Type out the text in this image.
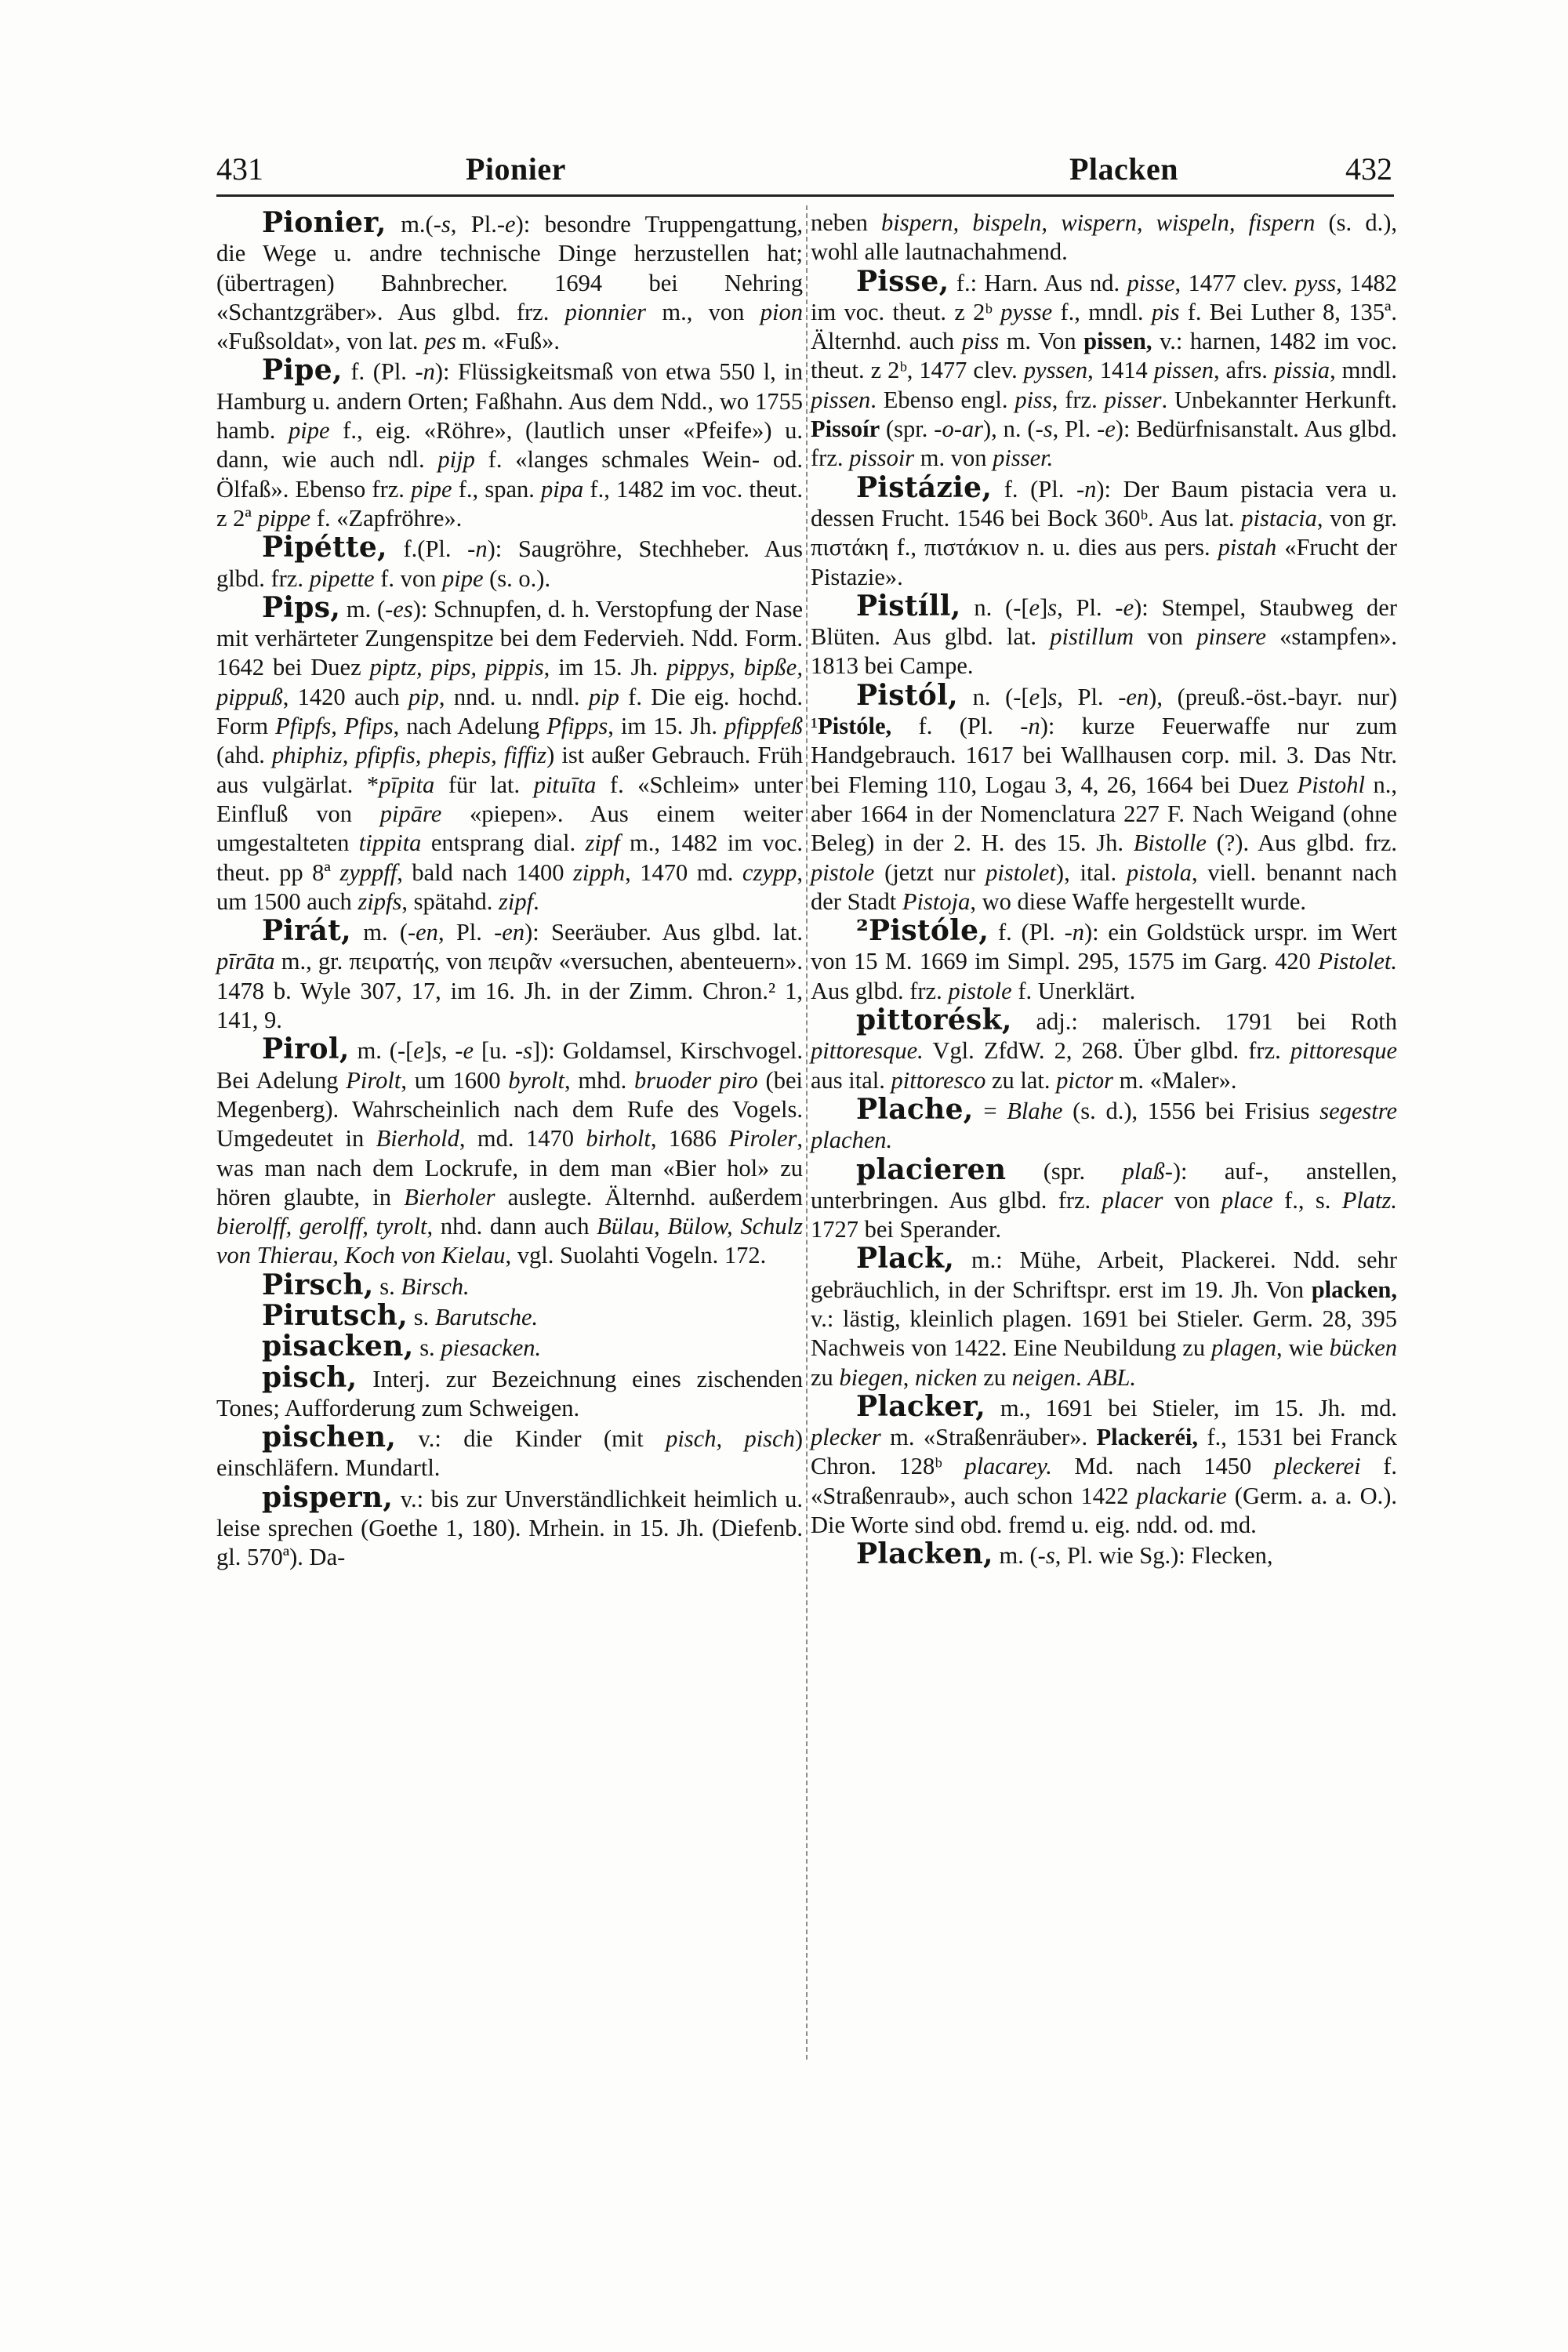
431	Pionier	Placken	432

Pionier, m.(-s, Pl.-e): besondre Truppengattung, die Wege u. andre technische Dinge herzustellen hat; (übertragen) Bahnbrecher. 1694 bei Nehring «Schantzgräber». Aus glbd. frz. pionnier m., von pion «Fußsoldat», von lat. pes m. «Fuß».

Pipe, f. (Pl. -n): Flüssigkeitsmaß von etwa 550 l, in Hamburg u. andern Orten; Faßhahn. Aus dem Ndd., wo 1755 hamb. pipe f., eig. «Röhre», (lautlich unser «Pfeife») u. dann, wie auch ndl. pijp f. «langes schmales Wein- od. Ölfaß». Ebenso frz. pipe f., span. pipa f., 1482 im voc. theut. z 2ª pippe f. «Zapfröhre».

Pipétte, f.(Pl. -n): Saugröhre, Stechheber. Aus glbd. frz. pipette f. von pipe (s. o.).

Pips, m. (-es): Schnupfen, d. h. Verstopfung der Nase mit verhärteter Zungenspitze bei dem Federvieh. Ndd. Form. 1642 bei Duez piptz, pips, pippis, im 15. Jh. pippys, bipße, pippuß, 1420 auch pip, nnd. u. nndl. pip f. Die eig. hochd. Form Pfipfs, Pfips, nach Adelung Pfipps, im 15. Jh. pfippfeß (ahd. phiphiz, pfipfis, phepis, fiffiz) ist außer Gebrauch. Früh aus vulgärlat. *pīpita für lat. pituīta f. «Schleim» unter Einfluß von pipāre «piepen». Aus einem weiter umgestalteten tippita entsprang dial. zipf m., 1482 im voc. theut. pp 8ª zyppff, bald nach 1400 zipph, 1470 md. czypp, um 1500 auch zipfs, spätahd. zipf.

Pirát, m. (-en, Pl. -en): Seeräuber. Aus glbd. lat. pīrāta m., gr. πειρατής, von πειρᾶν «versuchen, abenteuern». 1478 b. Wyle 307, 17, im 16. Jh. in der Zimm. Chron.² 1, 141, 9.

Pirol, m. (-[e]s, -e [u. -s]): Goldamsel, Kirschvogel. Bei Adelung Pirolt, um 1600 byrolt, mhd. bruoder piro (bei Megenberg). Wahrscheinlich nach dem Rufe des Vogels. Umgedeutet in Bierhold, md. 1470 birholt, 1686 Piroler, was man nach dem Lockrufe, in dem man «Bier hol» zu hören glaubte, in Bierholer auslegte. Älternhd. außerdem bierolff, gerolff, tyrolt, nhd. dann auch Bülau, Bülow, Schulz von Thierau, Koch von Kielau, vgl. Suolahti Vogeln. 172.

Pirsch, s. Birsch.

Pirutsch, s. Barutsche.

pisacken, s. piesacken.

pisch, Interj. zur Bezeichnung eines zischenden Tones; Aufforderung zum Schweigen.

pischen, v.: die Kinder (mit pisch, pisch) einschläfern. Mundartl.

pispern, v.: bis zur Unverständlichkeit heimlich u. leise sprechen (Goethe 1, 180). Mrhein. in 15. Jh. (Diefenb. gl. 570ª). Da-

neben bispern, bispeln, wispern, wispeln, fispern (s. d.), wohl alle lautnachahmend.

Pisse, f.: Harn. Aus nd. pisse, 1477 clev. pyss, 1482 im voc. theut. z 2ᵇ pysse f., mndl. pis f. Bei Luther 8, 135ª. Älternhd. auch piss m. Von pissen, v.: harnen, 1482 im voc. theut. z 2ᵇ, 1477 clev. pyssen, 1414 pissen, afrs. pissia, mndl. pissen. Ebenso engl. piss, frz. pisser. Unbekannter Herkunft. Pissoír (spr. -o-ar), n. (-s, Pl. -e): Bedürfnisanstalt. Aus glbd. frz. pissoir m. von pisser.

Pistázie, f. (Pl. -n): Der Baum pistacia vera u. dessen Frucht. 1546 bei Bock 360ᵇ. Aus lat. pistacia, von gr. πιστάκη f., πιστάκιον n. u. dies aus pers. pistah «Frucht der Pistazie».

Pistíll, n. (-[e]s, Pl. -e): Stempel, Staubweg der Blüten. Aus glbd. lat. pistillum von pinsere «stampfen». 1813 bei Campe.

Pistól, n. (-[e]s, Pl. -en), (preuß.-öst.-bayr. nur) ¹Pistóle, f. (Pl. -n): kurze Feuerwaffe nur zum Handgebrauch. 1617 bei Wallhausen corp. mil. 3. Das Ntr. bei Fleming 110, Logau 3, 4, 26, 1664 bei Duez Pistohl n., aber 1664 in der Nomenclatura 227 F. Nach Weigand (ohne Beleg) in der 2. H. des 15. Jh. Bistolle (?). Aus glbd. frz. pistole (jetzt nur pistolet), ital. pistola, viell. benannt nach der Stadt Pistoja, wo diese Waffe hergestellt wurde.

²Pistóle, f. (Pl. -n): ein Goldstück urspr. im Wert von 15 M. 1669 im Simpl. 295, 1575 im Garg. 420 Pistolet. Aus glbd. frz. pistole f. Unerklärt.

pittorésk, adj.: malerisch. 1791 bei Roth pittoresque. Vgl. ZfdW. 2, 268. Über glbd. frz. pittoresque aus ital. pittoresco zu lat. pictor m. «Maler».

Plache, = Blahe (s. d.), 1556 bei Frisius segestre plachen.

placieren (spr. plaß-): auf-, anstellen, unterbringen. Aus glbd. frz. placer von place f., s. Platz. 1727 bei Sperander.

Plack, m.: Mühe, Arbeit, Plackerei. Ndd. sehr gebräuchlich, in der Schriftspr. erst im 19. Jh. Von placken, v.: lästig, kleinlich plagen. 1691 bei Stieler. Germ. 28, 395 Nachweis von 1422. Eine Neubildung zu plagen, wie bücken zu biegen, nicken zu neigen. ABL.

Placker, m., 1691 bei Stieler, im 15. Jh. md. plecker m. «Straßenräuber». Plackeréi, f., 1531 bei Franck Chron. 128ᵇ placarey. Md. nach 1450 pleckerei f. «Straßenraub», auch schon 1422 plackarie (Germ. a. a. O.). Die Worte sind obd. fremd u. eig. ndd. od. md.

Placken, m. (-s, Pl. wie Sg.): Flecken,
